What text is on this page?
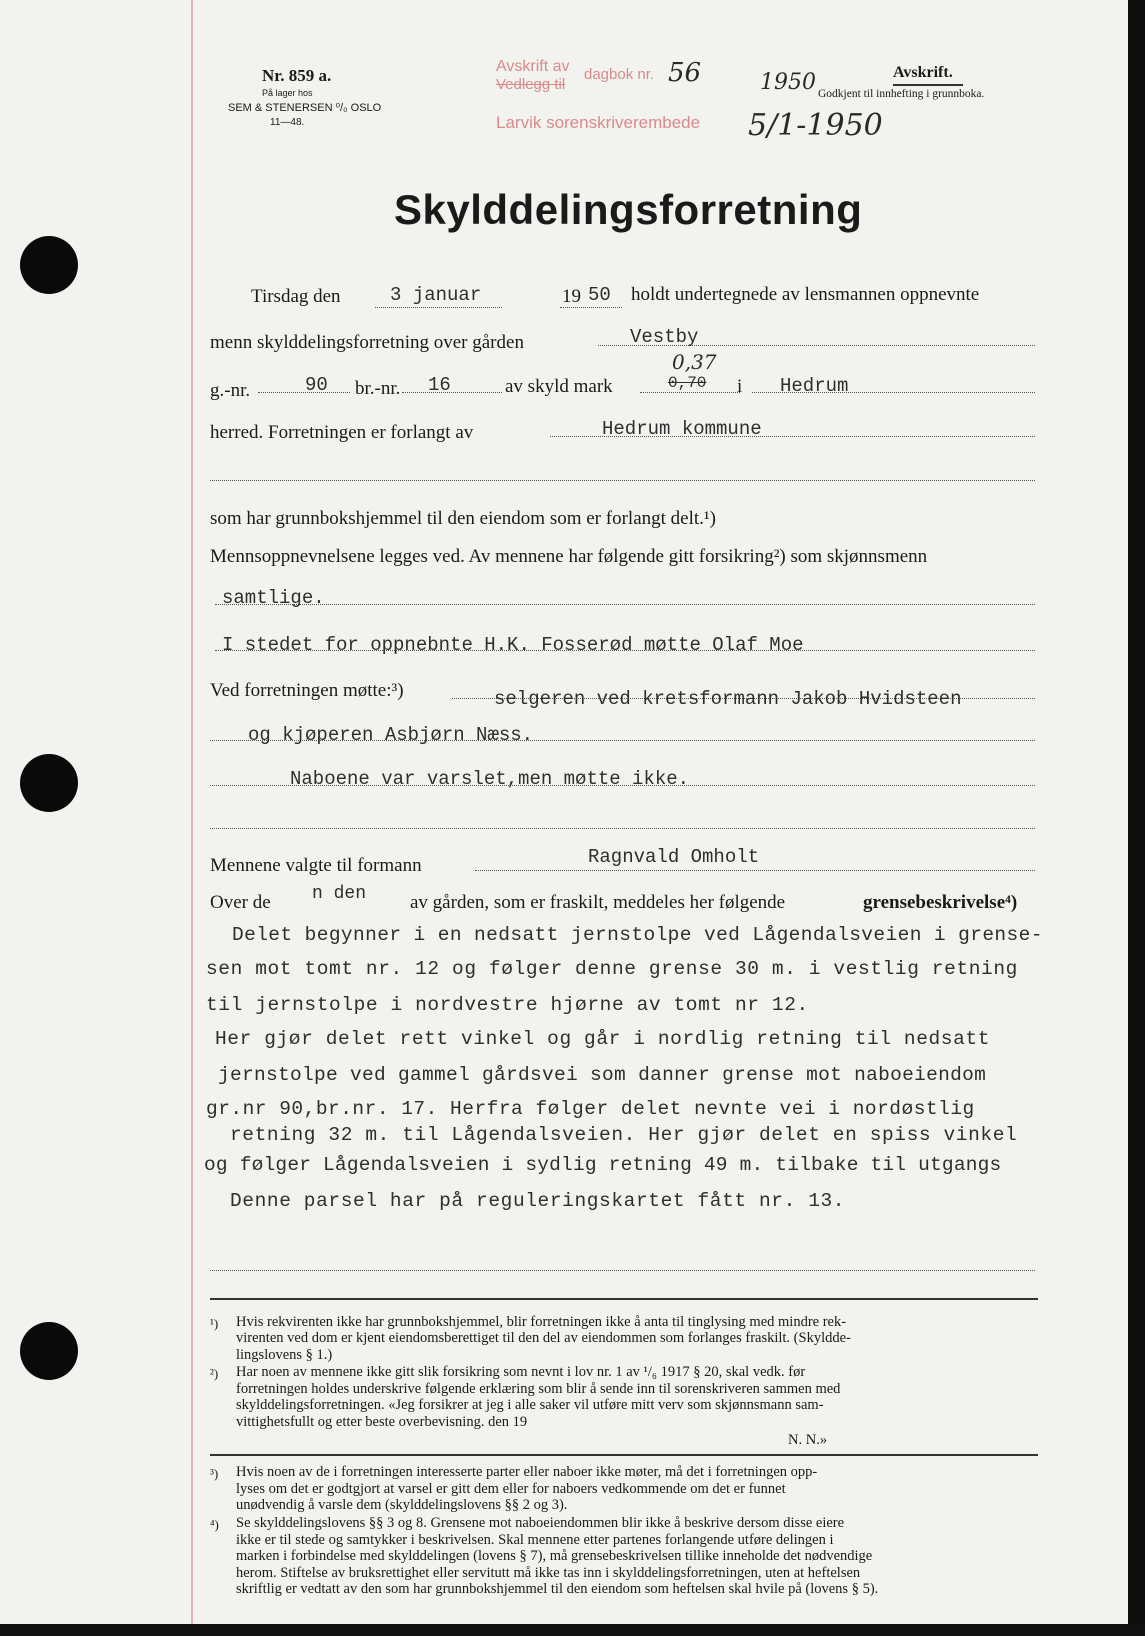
Nr. 859 a.
På lager hos
SEM & STENERSEN ⁰/₀ OSLO
11—48.
Avskrift av
Vedlegg til
dagbok nr. 56	1950
Larvik sorenskriverembede 5/1-1950
Avskrift.
Godkjent til innhefting i grunnboka.
Skylddelingsforretning
Tirsdag den	3 januar	19 50 holdt undertegnede av lensmannen oppnevnte
menn skylddelingsforretning over gården	Vestby
g.-nr.	90 br.-nr. 16	av skyld mark
0,37
0,70 i Hedrum
herred. Forretningen er forlangt av	Hedrum kommune
som har grunnbokshjemmel til den eiendom som er forlangt delt.¹)
Mennsoppnevnelsene legges ved. Av mennene har følgende gitt forsikring²) som skjønnsmenn
samtlige.
I stedet for oppnebnte H.K. Fosserød møtte Olaf Moe
Ved forretningen møtte:³)	selgeren ved kretsformann Jakob Hvidsteen
og kjøperen Asbjørn Næss.
Naboene var varslet,men møtte ikke.
Mennene valgte til formann	Ragnvald Omholt
Over de n den av gården, som er fraskilt, meddeles her følgende	grensebeskrivelse⁴)
Delet begynner i en nedsatt jernstolpe ved Lågendalsveien i grense-
sen mot tomt nr. 12 og følger denne grense 30 m. i vestlig retning
til jernstolpe i nordvestre hjørne av tomt nr 12.
Her gjør delet rett vinkel og går i nordlig retning til nedsatt
jernstolpe ved gammel gårdsvei som danner grense mot naboeiendom
gr.nr 90,br.nr. 17. Herfra følger delet nevnte vei i nordøstlig
retning 32 m. til Lågendalsveien. Her gjør delet en spiss vinkel
og følger Lågendalsveien i sydlig retning 49 m. tilbake til utgangs
Denne parsel har på reguleringskartet fått nr. 13.
¹) Hvis rekvirenten ikke har grunnbokshjemmel, blir forretningen ikke å anta til tinglysing med mindre rek-
virenten ved dom er kjent eiendomsberettiget til den del av eiendommen som forlanges fraskilt. (Skyldde-
lingslovens § 1.)
²) Har noen av mennene ikke gitt slik forsikring som nevnt i lov nr. 1 av ¹/₆ 1917 § 20, skal vedk. før
forretningen holdes underskrive følgende erklæring som blir å sende inn til sorenskriveren sammen med
skylddelingsforretningen. «Jeg forsikrer at jeg i alle saker vil utføre mitt verv som skjønnsmann sam-
vittighetsfullt og etter beste overbevisning. den 19
N. N.»
³) Hvis noen av de i forretningen interesserte parter eller naboer ikke møter, må det i forretningen opp-
lyses om det er godtgjort at varsel er gitt dem eller for naboers vedkommende om det er funnet
unødvendig å varsle dem (skylddelingslovens §§ 2 og 3).
⁴) Se skylddelingslovens §§ 3 og 8. Grensene mot naboeiendommen blir ikke å beskrive dersom disse eiere
ikke er til stede og samtykker i beskrivelsen. Skal mennene etter partenes forlangende utføre delingen i
marken i forbindelse med skylddelingen (lovens § 7), må grensebeskrivelsen tillike inneholde det nødvendige
herom. Stiftelse av bruksrettighet eller servitutt må ikke tas inn i skylddelingsforretningen, uten at heftelsen
skriftlig er vedtatt av den som har grunnbokshjemmel til den eiendom som heftelsen skal hvile på (lovens § 5).
